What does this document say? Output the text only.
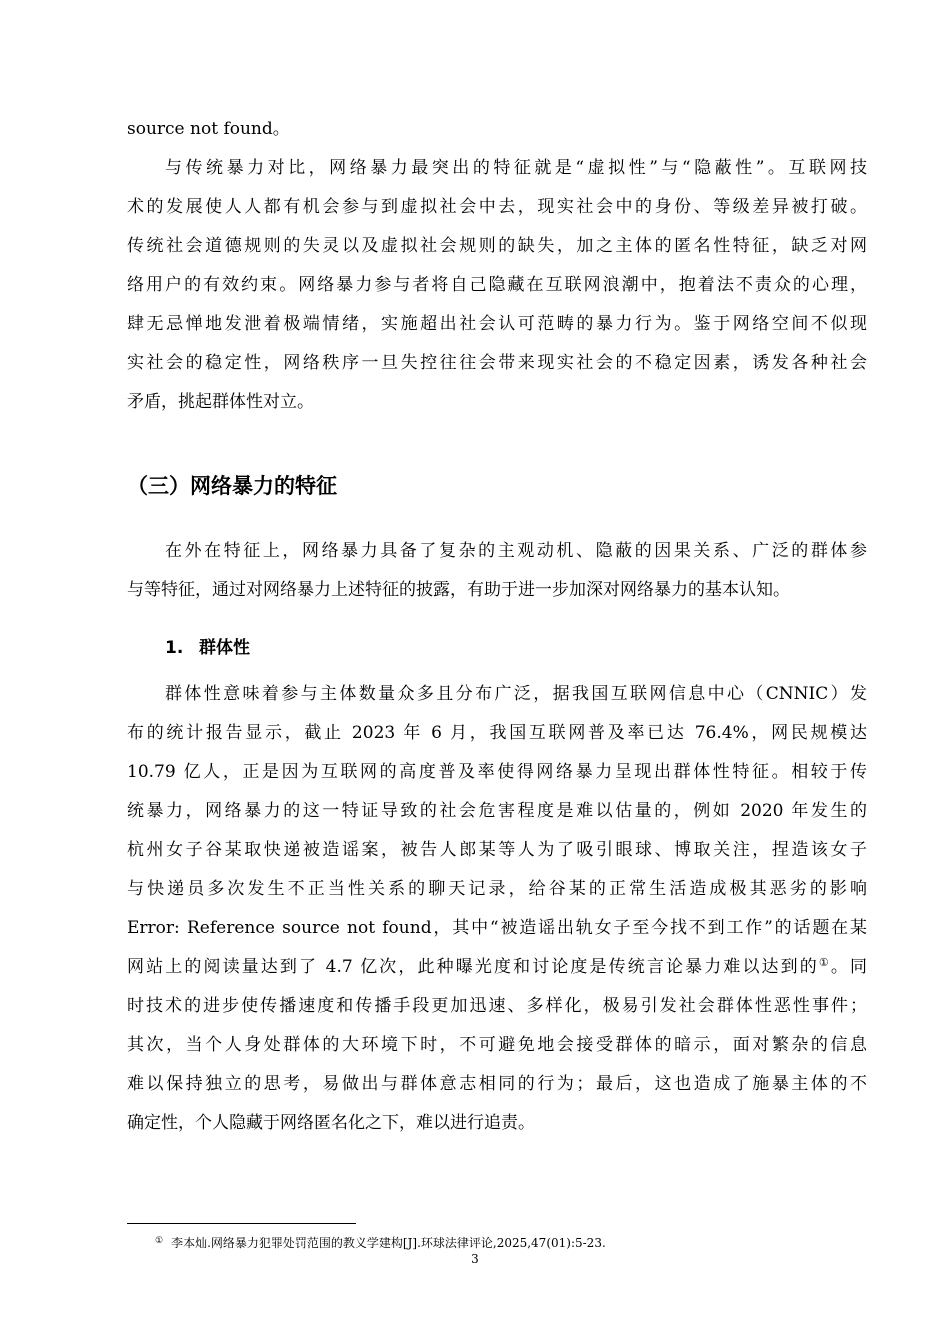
source not found。

与传统暴力对比，网络暴力最突出的特征就是“虚拟性”与“隐蔽性”。互联网技

术的发展使人人都有机会参与到虚拟社会中去，现实社会中的身份、等级差异被打破。

传统社会道德规则的失灵以及虚拟社会规则的缺失，加之主体的匿名性特征，缺乏对网

络用户的有效约束。网络暴力参与者将自己隐藏在互联网浪潮中，抱着法不责众的心理，

肆无忌惮地发泄着极端情绪，实施超出社会认可范畴的暴力行为。鉴于网络空间不似现

实社会的稳定性，网络秩序一旦失控往往会带来现实社会的不稳定因素，诱发各种社会

矛盾，挑起群体性对立。

（三）网络暴力的特征

在外在特征上，网络暴力具备了复杂的主观动机、隐蔽的因果关系、广泛的群体参

与等特征，通过对网络暴力上述特征的披露，有助于进一步加深对网络暴力的基本认知。

1. 群体性

群体性意味着参与主体数量众多且分布广泛，据我国互联网信息中心（CNNIC）发

布的统计报告显示，截止 2023 年 6 月，我国互联网普及率已达 76.4%，网民规模达

10.79 亿人，正是因为互联网的高度普及率使得网络暴力呈现出群体性特征。相较于传

统暴力，网络暴力的这一特证导致的社会危害程度是难以估量的，例如 2020 年发生的

杭州女子谷某取快递被造谣案，被告人郎某等人为了吸引眼球、博取关注，捏造该女子

与快递员多次发生不正当性关系的聊天记录，给谷某的正常生活造成极其恶劣的影响

Error: Reference source not found，其中“被造谣出轨女子至今找不到工作”的话题在某

网站上的阅读量达到了 4.7 亿次，此种曝光度和讨论度是传统言论暴力难以达到的①。同

时技术的进步使传播速度和传播手段更加迅速、多样化，极易引发社会群体性恶性事件；

其次，当个人身处群体的大环境下时，不可避免地会接受群体的暗示，面对繁杂的信息

难以保持独立的思考，易做出与群体意志相同的行为；最后，这也造成了施暴主体的不

确定性，个人隐藏于网络匿名化之下，难以进行追责。

① 李本灿.网络暴力犯罪处罚范围的教义学建构[J].环球法律评论,2025,47(01):5-23.
3
